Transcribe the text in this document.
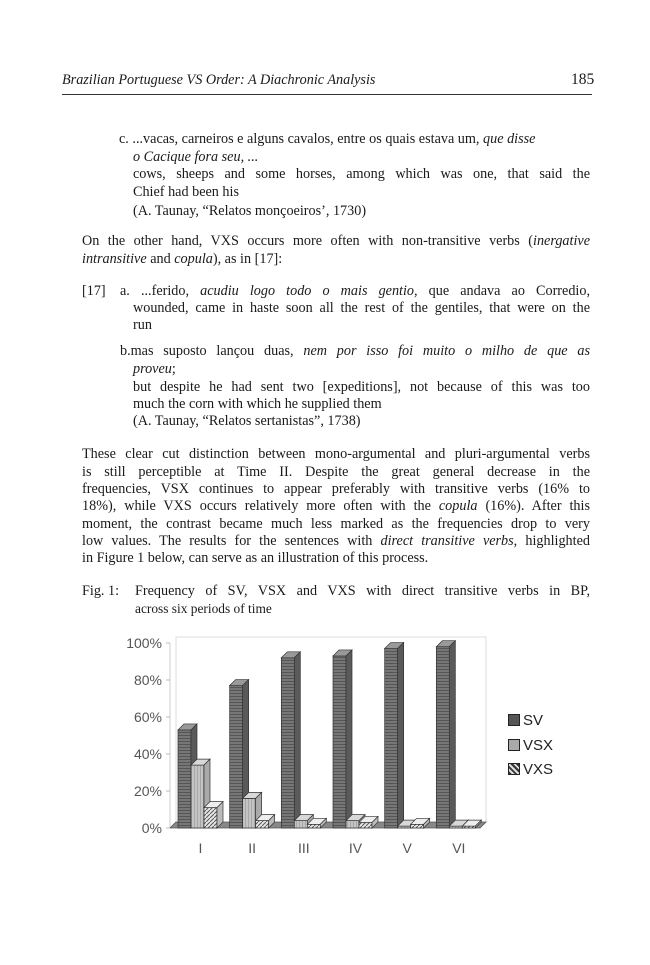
Brazilian Portuguese VS Order: A Diachronic Analysis	185
c. ...vacas, carneiros e alguns cavalos, entre os quais estava um, que disse
o Cacique fora seu, ...
cows, sheeps and some horses, among which was one, that said the
Chief had been his
(A. Taunay, “Relatos monçoeiros’, 1730)
On the other hand, VXS occurs more often with non-transitive verbs (inergative
intransitive and copula), as in [17]:
[17] a. ...ferido, acudiu logo todo o mais gentio, que andava ao Corredio,
wounded, came in haste soon all the rest of the gentiles, that were on the
run
b.mas suposto lançou duas, nem por isso foi muito o milho de que as
proveu;
but despite he had sent two [expeditions], not because of this was too
much the corn with which he supplied them
(A. Taunay, “Relatos sertanistas”, 1738)
These clear cut distinction between mono-argumental and pluri-argumental verbs
is still perceptible at Time II. Despite the great general decrease in the
frequencies, VSX continues to appear preferably with transitive verbs (16% to
18%), while VXS occurs relatively more often with the copula (16%). After this
moment, the contrast became much less marked as the frequencies drop to very
low values. The results for the sentences with direct transitive verbs, highlighted
in Figure 1 below, can serve as an illustration of this process.
Fig. 1: Frequency of SV, VSX and VXS with direct transitive verbs in BP,
across six periods of time
0%
20%
40%
60%
80%
100%
I	II	III	IV	V	VI
SV
VSX
VXS
